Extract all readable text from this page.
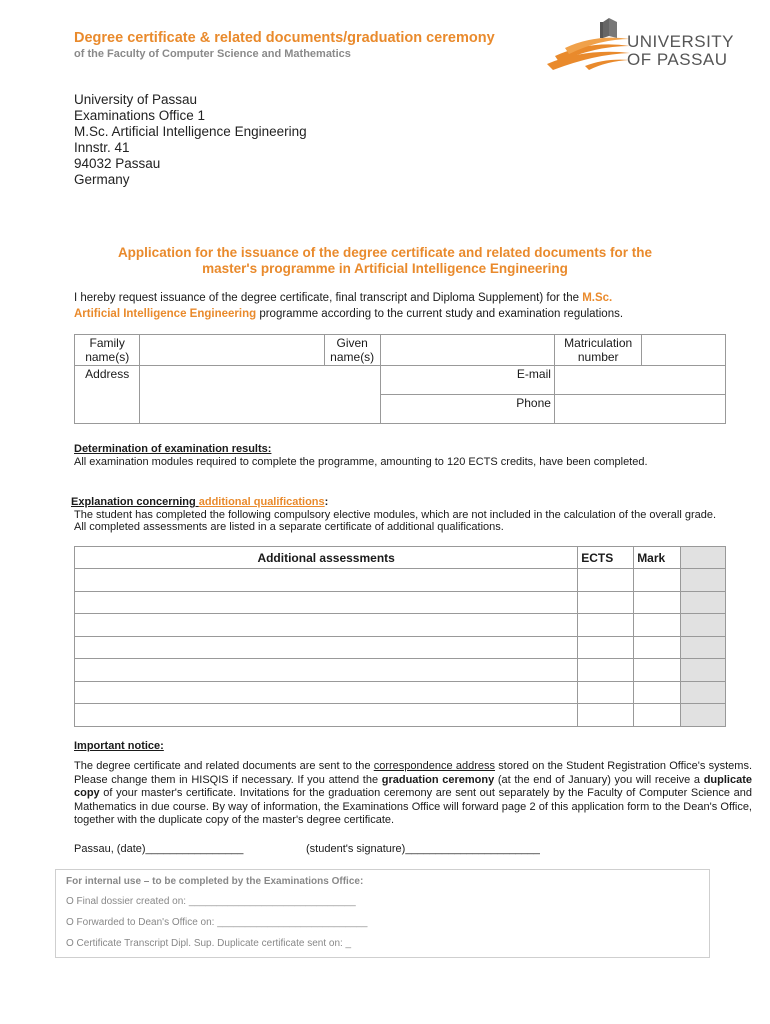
Degree certificate & related documents/graduation ceremony
of the Faculty of Computer Science and Mathematics
UNIVERSITY
OF PASSAU
University of Passau
Examinations Office 1
M.Sc. Artificial Intelligence Engineering
Innstr. 41
94032 Passau
Germany
Application for the issuance of the degree certificate and related documents for the
master's programme in Artificial Intelligence Engineering
I hereby request issuance of the degree certificate, final transcript and Diploma Supplement) for the M.Sc.
Artificial Intelligence Engineering programme according to the current study and examination regulations.
Family name(s)		Given name(s)		Matriculation number	
Address			E-mail		
			Phone		
Determination of examination results:
All examination modules required to complete the programme, amounting to 120 ECTS credits, have been completed.
Explanation concerning additional qualifications:
The student has completed the following compulsory elective modules, which are not included in the calculation of the overall grade.
All completed assessments are listed in a separate certificate of additional qualifications.
Additional assessments	ECTS	Mark	

Important notice:
The degree certificate and related documents are sent to the correspondence address stored on the Student Registration Office's systems. Please change them in HISQIS if necessary. If you attend the graduation ceremony (at the end of January) you will receive a duplicate copy of your master's certificate. Invitations for the graduation ceremony are sent out separately by the Faculty of Computer Science and Mathematics in due course. By way of information, the Examinations Office will forward page 2 of this application form to the Dean's Office, together with the duplicate copy of the master's degree certificate.
Passau, (date)________________	(student's signature)______________________
For internal use – to be completed by the Examinations Office:
O Final dossier created on: ______________________________
O Forwarded to Dean's Office on: ___________________________
O Certificate Transcript Dipl. Sup. Duplicate certificate sent on: _
